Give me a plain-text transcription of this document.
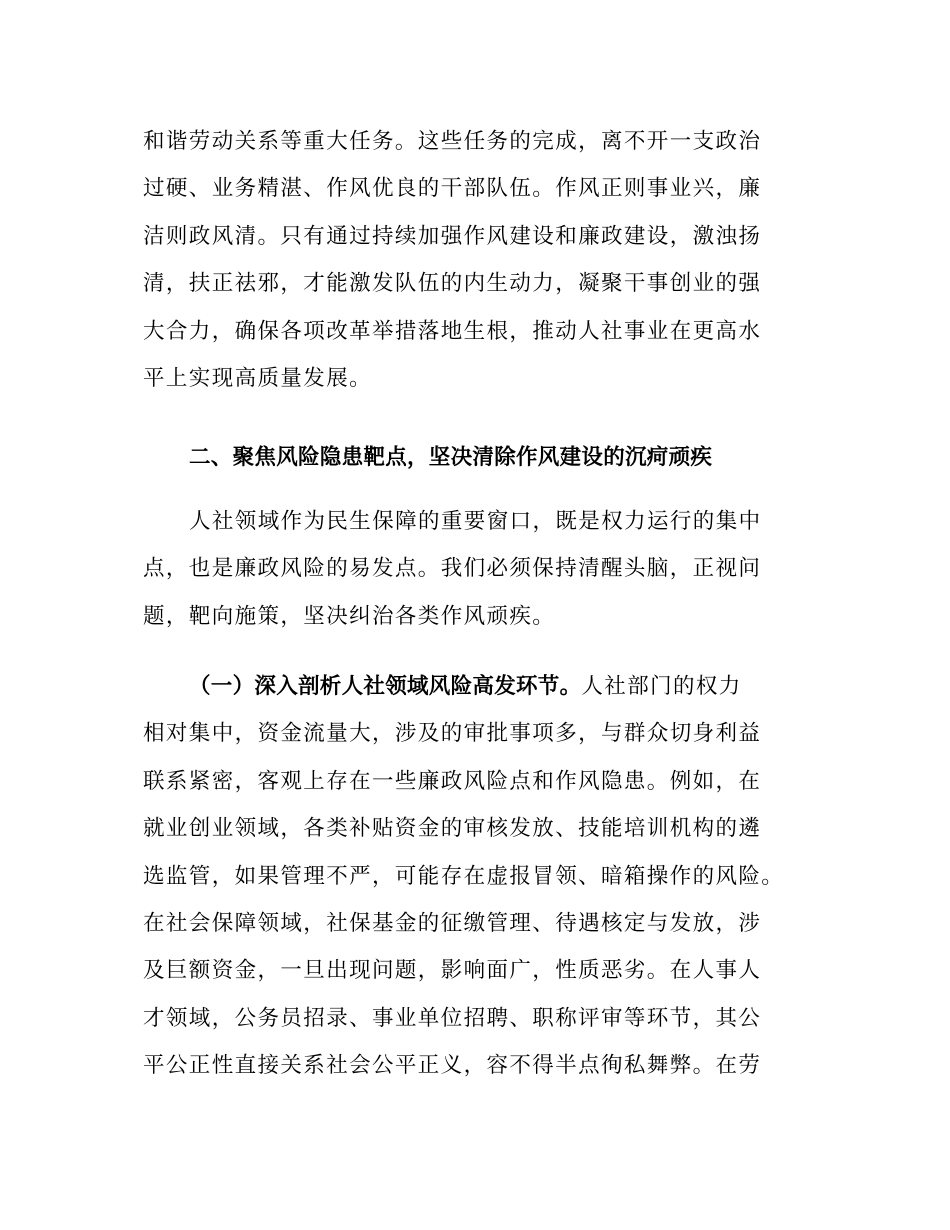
和谐劳动关系等重大任务。这些任务的完成，离不开一支政治
过硬、业务精湛、作风优良的干部队伍。作风正则事业兴，廉
洁则政风清。只有通过持续加强作风建设和廉政建设，激浊扬
清，扶正祛邪，才能激发队伍的内生动力，凝聚干事创业的强
大合力，确保各项改革举措落地生根，推动人社事业在更高水
平上实现高质量发展。
二、聚焦风险隐患靶点，坚决清除作风建设的沉疴顽疾
人社领域作为民生保障的重要窗口，既是权力运行的集中
点，也是廉政风险的易发点。我们必须保持清醒头脑，正视问
题，靶向施策，坚决纠治各类作风顽疾。
（一）深入剖析人社领域风险高发环节。人社部门的权力
相对集中，资金流量大，涉及的审批事项多，与群众切身利益
联系紧密，客观上存在一些廉政风险点和作风隐患。例如，在
就业创业领域，各类补贴资金的审核发放、技能培训机构的遴
选监管，如果管理不严，可能存在虚报冒领、暗箱操作的风险。
在社会保障领域，社保基金的征缴管理、待遇核定与发放，涉
及巨额资金，一旦出现问题，影响面广，性质恶劣。在人事人
才领域，公务员招录、事业单位招聘、职称评审等环节，其公
平公正性直接关系社会公平正义，容不得半点徇私舞弊。在劳
